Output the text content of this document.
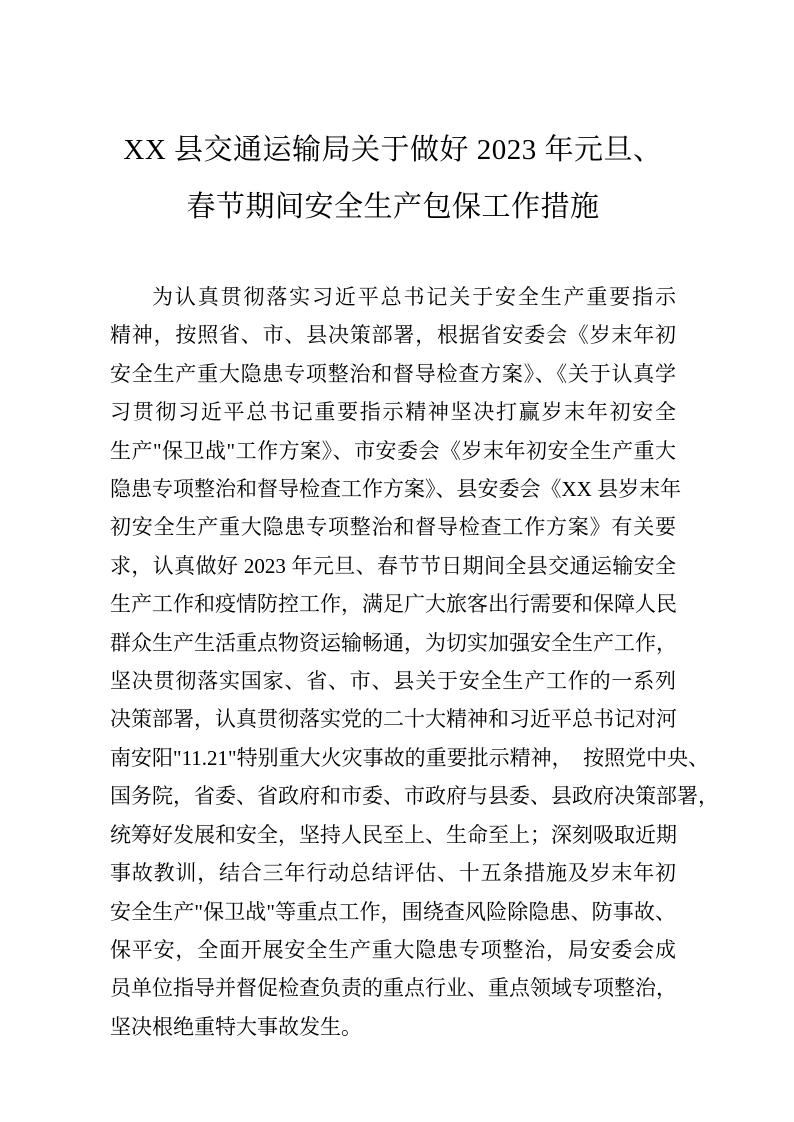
XX 县交通运输局关于做好 2023 年元旦、
春节期间安全生产包保工作措施
为认真贯彻落实习近平总书记关于安全生产重要指示
精神，按照省、市、县决策部署，根据省安委会《岁末年初
安全生产重大隐患专项整治和督导检查方案》、《关于认真学
习贯彻习近平总书记重要指示精神坚决打赢岁末年初安全
生产"保卫战"工作方案》、市安委会《岁末年初安全生产重大
隐患专项整治和督导检查工作方案》、县安委会《XX 县岁末年
初安全生产重大隐患专项整治和督导检查工作方案》有关要
求，认真做好 2023 年元旦、春节节日期间全县交通运输安全
生产工作和疫情防控工作，满足广大旅客出行需要和保障人民
群众生产生活重点物资运输畅通，为切实加强安全生产工作，
坚决贯彻落实国家、省、市、县关于安全生产工作的一系列
决策部署，认真贯彻落实党的二十大精神和习近平总书记对河
南安阳"11.21"特别重大火灾事故的重要批示精神，　按照党中央、
国务院，省委、省政府和市委、市政府与县委、县政府决策部署，
统筹好发展和安全，坚持人民至上、生命至上；深刻吸取近期
事故教训，结合三年行动总结评估、十五条措施及岁末年初
安全生产"保卫战"等重点工作，围绕查风险除隐患、防事故、
保平安，全面开展安全生产重大隐患专项整治，局安委会成
员单位指导并督促检查负责的重点行业、重点领域专项整治，
坚决根绝重特大事故发生。
